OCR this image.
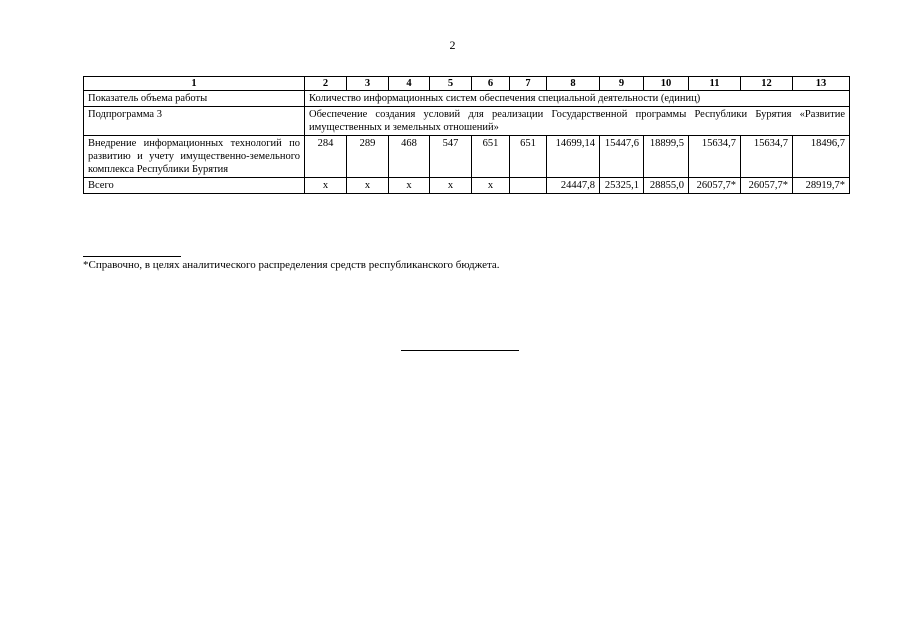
2
1	2	3	4	5	6	7	8	9	10	11	12	13
Показатель объема работы	Количество информационных систем обеспечения специальной деятельности (единиц)											
Подпрограмма 3	Обеспечение создания условий для реализации Государственной программы Республики Бурятия «Развитие имущественных и земельных отношений»											
Внедрение информационных технологий по развитию и учету имущественно-земельного комплекса Республики Бурятия	284	289	468	547	651	651	14699,14	15447,6	18899,5	15634,7	15634,7	18496,7
Всего	х	х	х	х	х		24447,8	25325,1	28855,0	26057,7*	26057,7*	28919,7*
*Справочно, в целях аналитического распределения средств республиканского бюджета.
